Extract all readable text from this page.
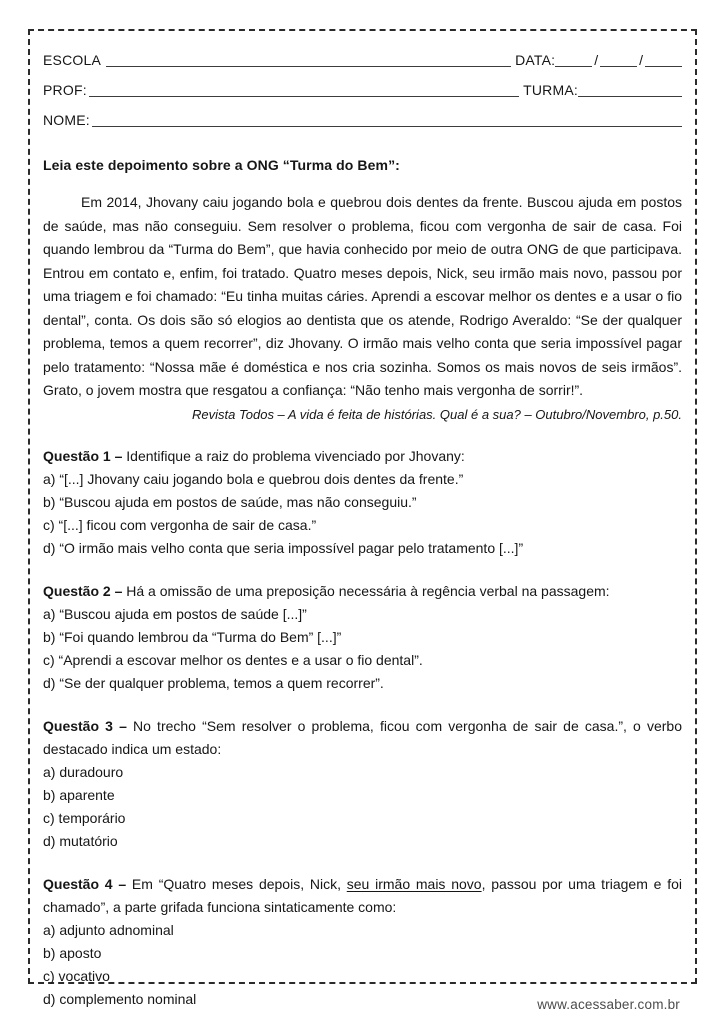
ESCOLA	DATA:	/	/
PROF:	TURMA:
NOME:
Leia este depoimento sobre a ONG “Turma do Bem”:
Em 2014, Jhovany caiu jogando bola e quebrou dois dentes da frente. Buscou ajuda em postos de saúde, mas não conseguiu. Sem resolver o problema, ficou com vergonha de sair de casa. Foi quando lembrou da “Turma do Bem”, que havia conhecido por meio de outra ONG de que participava. Entrou em contato e, enfim, foi tratado. Quatro meses depois, Nick, seu irmão mais novo, passou por uma triagem e foi chamado: “Eu tinha muitas cáries. Aprendi a escovar melhor os dentes e a usar o fio dental”, conta. Os dois são só elogios ao dentista que os atende, Rodrigo Averaldo: “Se der qualquer problema, temos a quem recorrer”, diz Jhovany. O irmão mais velho conta que seria impossível pagar pelo tratamento: “Nossa mãe é doméstica e nos cria sozinha. Somos os mais novos de seis irmãos”. Grato, o jovem mostra que resgatou a confiança: “Não tenho mais vergonha de sorrir!”.
Revista Todos – A vida é feita de histórias. Qual é a sua? – Outubro/Novembro, p.50.
Questão 1 – Identifique a raiz do problema vivenciado por Jhovany:
a) “[...] Jhovany caiu jogando bola e quebrou dois dentes da frente.”
b) “Buscou ajuda em postos de saúde, mas não conseguiu.”
c) “[...] ficou com vergonha de sair de casa.”
d) “O irmão mais velho conta que seria impossível pagar pelo tratamento [...]”
Questão 2 – Há a omissão de uma preposição necessária à regência verbal na passagem:
a) “Buscou ajuda em postos de saúde [...]”
b) “Foi quando lembrou da “Turma do Bem” [...]”
c) “Aprendi a escovar melhor os dentes e a usar o fio dental”.
d) “Se der qualquer problema, temos a quem recorrer”.
Questão 3 – No trecho “Sem resolver o problema, ficou com vergonha de sair de casa.”, o verbo destacado indica um estado:
a) duradouro
b) aparente
c) temporário
d) mutatório
Questão 4 – Em “Quatro meses depois, Nick, seu irmão mais novo, passou por uma triagem e foi chamado”, a parte grifada funciona sintaticamente como:
a) adjunto adnominal
b) aposto
c) vocativo
d) complemento nominal	www.acessaber.com.br
